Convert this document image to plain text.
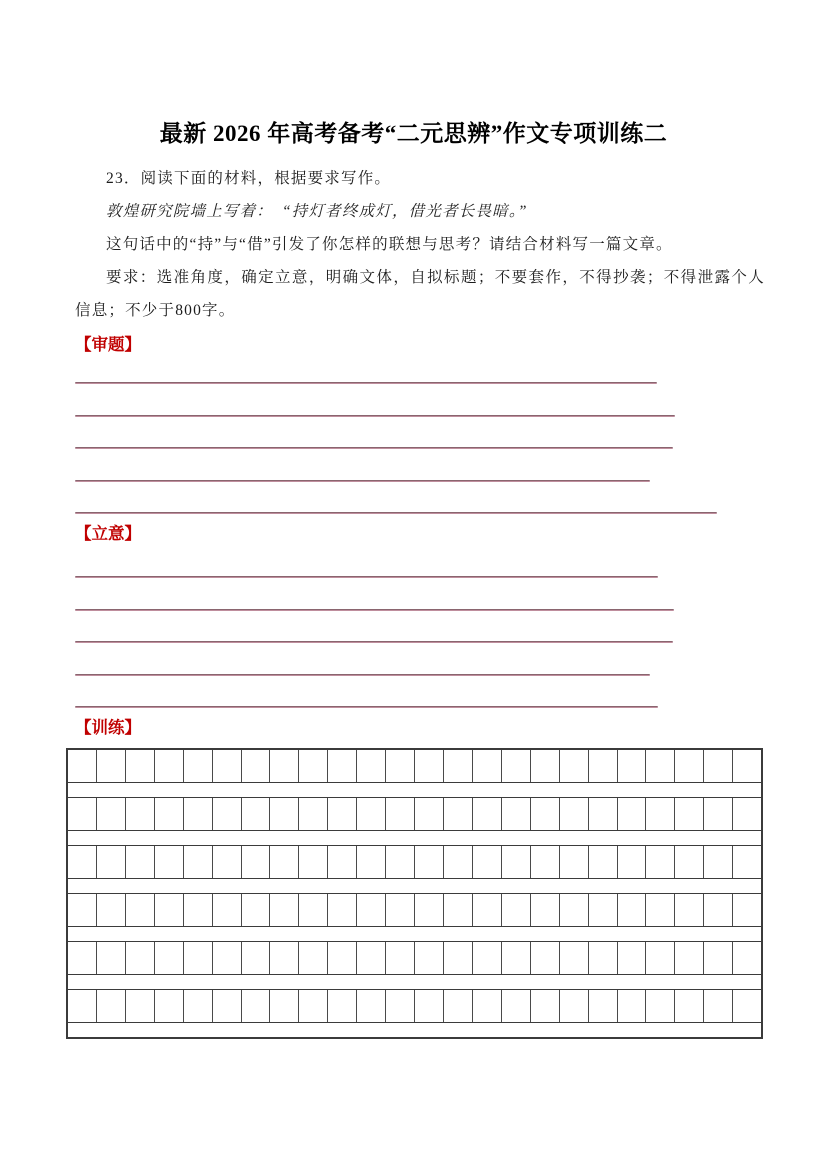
最新 2026 年高考备考“二元思辨”作文专项训练二
23．阅读下面的材料，根据要求写作。
敦煌研究院墙上写着：　“持灯者终成灯，借光者长畏暗。”
这句话中的“持”与“借”引发了你怎样的联想与思考？请结合材料写一篇文章。
要求：选准角度，确定立意，明确文体，自拟标题；不要套作，不得抄袭；不得泄露个人
信息；不少于800字。
【审题】
【立意】
【训练】
